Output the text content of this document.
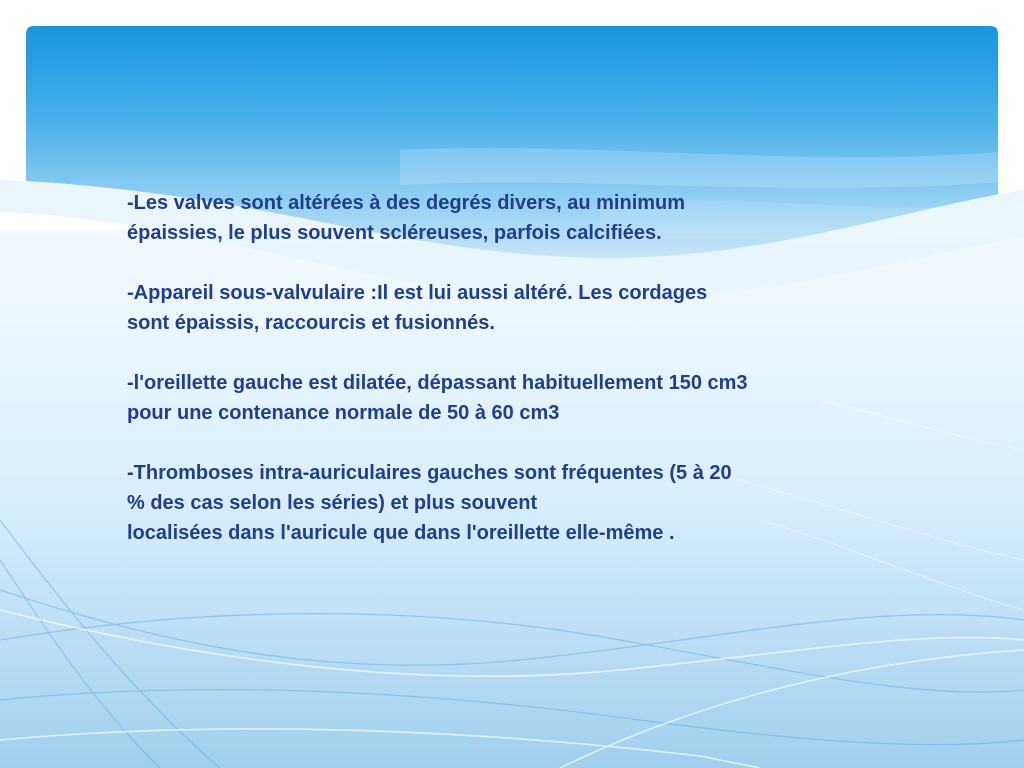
-Les valves sont altérées à des degrés divers, au minimum
épaissies, le plus souvent scléreuses, parfois calcifiées.

-Appareil sous-valvulaire :Il est lui aussi altéré. Les cordages
sont épaissis, raccourcis et fusionnés.

-l'oreillette gauche est dilatée, dépassant habituellement 150 cm3
pour une contenance normale de 50 à 60 cm3

-Thromboses intra-auriculaires gauches sont fréquentes (5 à 20
% des cas selon les séries) et plus souvent
localisées dans l'auricule que dans l'oreillette elle-même .
